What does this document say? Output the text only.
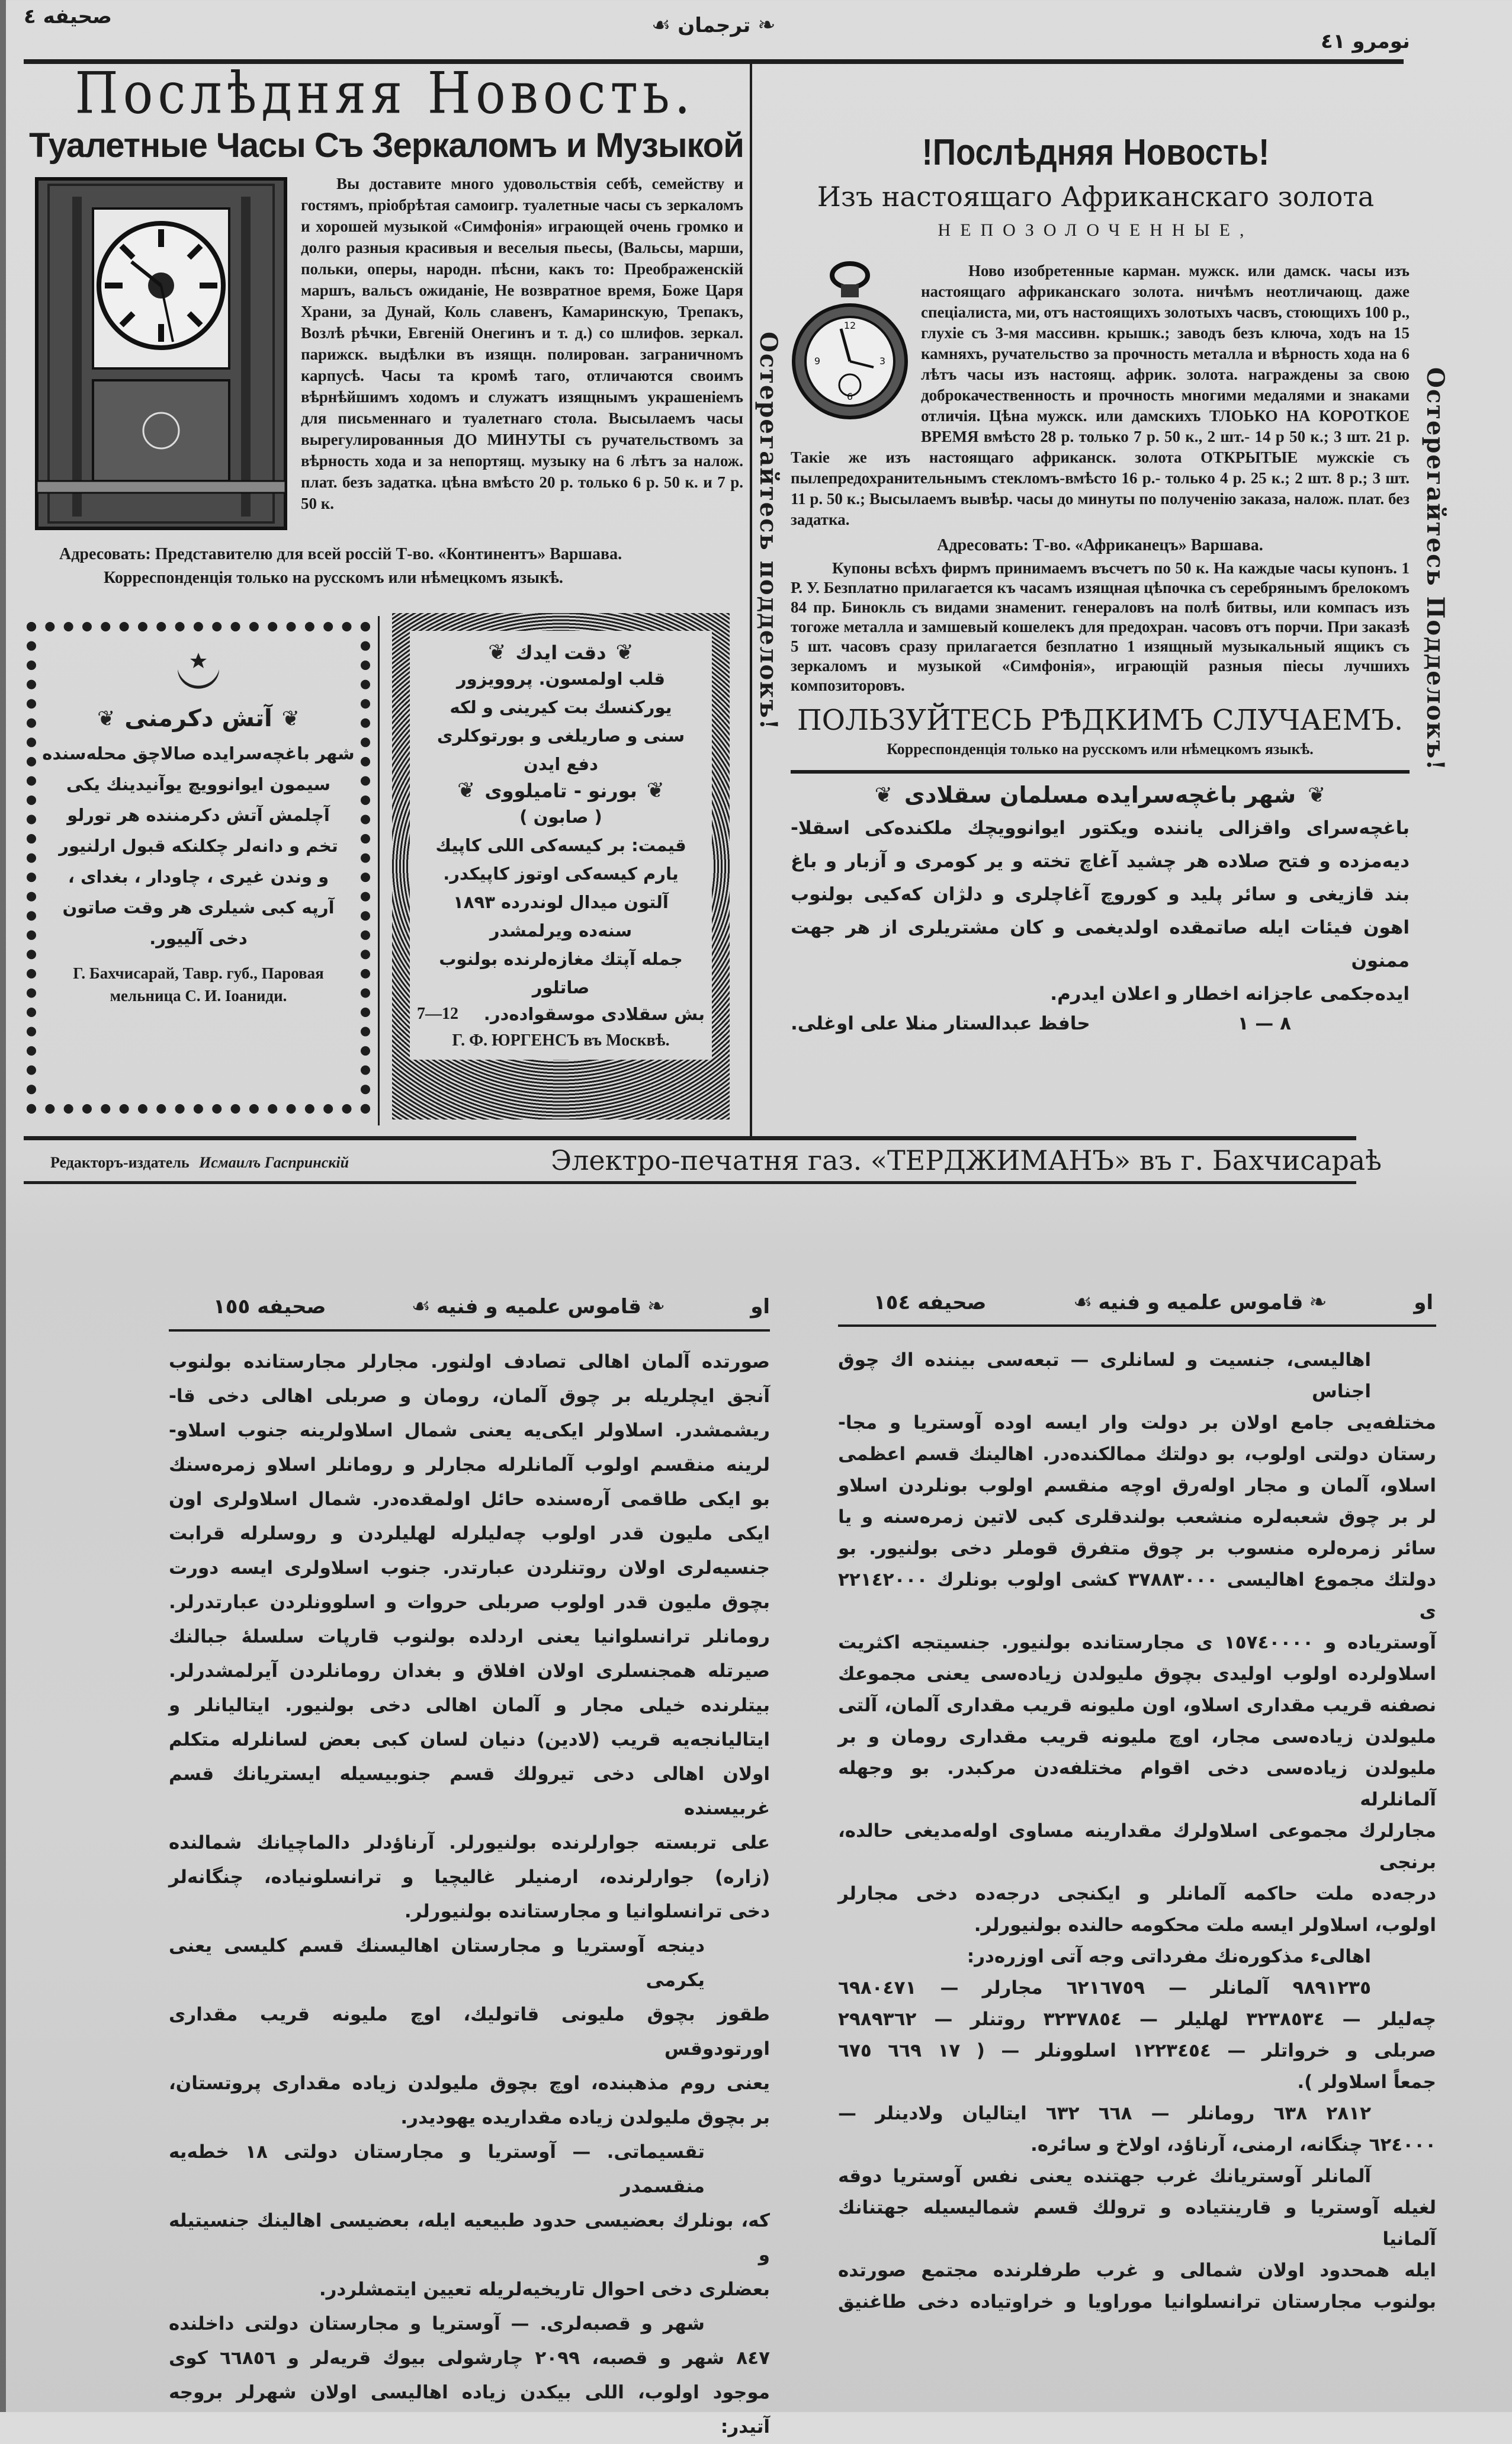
صحیفه ٤	❧
ترجمان
☙
نومرو ٤١
Послѣдняя Новость.
Туалетные Часы Съ Зеркаломъ и Музыкой
Вы доставите много удовольствія себѣ, семейству и гостямъ, пріобрѣтая самоигр. туалетные часы съ зеркаломъ и хорошей музыкой «Симфонія» играющей очень громко и долго разныя красивыя и веселыя пьесы, (Вальсы, марши, польки, оперы, народн. пѣсни, какъ то: Преображенскій маршъ, вальсъ ожиданіе, Не возвратное время, Боже Царя Храни, за Дунай, Коль славенъ, Камаринскую, Трепакъ, Возлѣ рѣчки, Евгеній Онегинъ и т. д.) со шлифов. зеркал. парижск. выдѣлки въ изящн. полирован. заграничномъ карпусѣ. Часы та кромѣ таго, отличаются своимъ вѣрнѣйшимъ ходомъ и служатъ изящнымъ украшеніемъ для письменнаго и туалетнаго стола. Высылаемъ часы вырегулированныя ДО МИНУТЫ съ ручательствомъ за вѣрность хода и за непортящ. музыку на 6 лѣтъ за налож. плат. безъ задатка. цѣна вмѣсто 20 р. только 6 р. 50 к. и 7 р. 50 к.
Адресовать: Представителю для всей россій Т-во. «Континентъ» Варшава.
Корреспонденція только на русскомъ или нѣмецкомъ языкѣ.
!Послѣдняя Новость!
Изъ настоящаго Африканскаго золота
НЕПОЗОЛОЧЕННЫЕ,
Остерегайтесь подделокъ!	Остерегайтесь Подделокъ!
12
3
6
9
Ново изобретенные карман. мужск. или дамск. часы изъ настоящаго африканскаго золота. ничѣмъ неотличающ. даже спеціалиста, ми, отъ настоящихъ золотыхъ часвъ, стоющихъ 100 р., глухіе съ 3-мя массивн. крышк.; заводъ безъ ключа, ходъ на 15 камняхъ, ручательство за прочность металла и вѣрность хода на 6 лѣтъ часы изъ настоящ. африк. золота. награждены за свою доброкачественность и прочность многими медалями и знаками отличія. Цѣна мужск. или дамскихъ ТЛОЬКО НА КОРОТКОЕ ВРЕМЯ вмѣсто 28 р. только 7 р. 50 к., 2 шт.- 14 р 50 к.; 3 шт. 21 р. Такіе же изъ настоящаго африканск. золота ОТКРЫТЫЕ мужскіе съ пылепредохранительнымъ стекломъ-вмѣсто 16 р.- только 4 р. 25 к.; 2 шт. 8 р.; 3 шт. 11 р. 50 к.; Высылаемъ вывѣр. часы до минуты по полученію заказа, налож. плат. без задатка.
Адресовать: Т-во. «Африканецъ» Варшава.
Купоны всѣхъ фирмъ принимаемъ въсчетъ по 50 к. На каждые часы купонъ. 1 Р. У. Безплатно прилагается къ часамъ изящная цѣпочка съ серебрянымъ брелокомъ 84 пр. Бинокль съ видами знаменит. генераловъ на полѣ битвы, или компасъ изъ тогоже металла и замшевый кошелекъ для предохран. часовъ отъ порчи. При заказѣ 5 шт. часовъ сразу прилагается безплатно 1 изящный музыкальный ящикъ съ зеркаломъ и музыкой «Симфонія», играющій разныя піесы лучшихъ композиторовъ.
ПОЛЬЗУЙТЕСЬ РѢДКИМЪ СЛУЧАЕМЪ.
Корреспонденція только на русскомъ или нѣмецкомъ языкѣ.
❦
شهر باغچه‌سرایده مسلمان سقلادی
❦
باغچه‌سرای واقزالی یاننده ویکتور ایوانوویچك ملکنده‌کی اسقلا-
دیه‌مزده و فتح صلاده هر چشید آغاچ تخته و یر کومری و آزبار و باغ
بند قازیغی و سائر پلید و کوروچ آغاچلری و دلژان که‌کیی بولنوب
اهون فیئات ایله صاتمقده اولدیغمی و کان مشتریلری از هر جهت ممنون
ایده‌جکمی عاجزانه اخطار و اعلان ایدرم.
حافظ عبدالستار منلا علی اوغلی.	٨ — ١
❦
آتش دكرمنی
❦
شهر باغچه‌سرایده صالاچق محله‌سنده
سیمون ایوانوویچ یوآنیدینك یکی
آچلمش آتش دكرمننده هر تورلو
تخم و دانه‌لر چكلنكه قبول ارلنیور
و وندن غیری ، چاودار ، بغدای ،
آرپه كبی شیلری هر وقت صاتون
دخی آلییور.
Г. Бахчисарай, Тавр. губ., Паровая мельница С. И. Іоаниди.
❦
دقت ایدك
❦
قلب اولمسون. پروویزور
یورکنسك بت کیرینی و لكه
سنی و صاریلغی و بورتوكلری
دفع ایدن
❦
بورنو - تامیلووی
❦
( صابون )
قیمت: بر کیسه‌کی اللی کاپیك
یارم کیسه‌کی اوتوز کاپیکدر.
آلتون میدال لوندرده ۱۸۹۳
سنه‌ده ویرلمشدر
جمله آپتك مغازه‌لرنده بولنوب
صاتلور
7—12 بش سقلادی موسقواده‌در.
Г. Ф. ЮРГЕНСЪ въ Москвѣ.
Редакторъ-издатель Исмаилъ Гаспринскій	Электро-печатня газ. «ТЕРДЖИМАНЪ» въ г. Бахчисараѣ
او
❧
قاموس علمیه و فنیه
☙
صحیفه ١٥٥
صورتده آلمان اهالی تصادف اولنور. مجارلر مجارستانده بولنوب
آنجق ایچلریله بر چوق آلمان، رومان و صربلی اهالی دخی قا-
ریشمشدر. اسلاولر ایکی‌یه یعنی شمال اسلاولرینه جنوب اسلاو-
لرینه منقسم اولوب آلمانلرله مجارلر و رومانلر اسلاو زمره‌سنك
بو ایکی طاقمی آره‌سنده حائل اولمقده‌در. شمال اسلاولری اون
ایکی ملیون قدر اولوب چه‌لیلرله لهلیلردن و روسلرله قرابت
جنسیه‌لری اولان روتنلردن عبارتدر. جنوب اسلاولری ایسه دورت
بچوق ملیون قدر اولوب صربلی حروات و اسلوونلردن عبارتدرلر.
رومانلر ترانسلوانیا یعنی اردلده بولنوب قارپات سلسلهٔ جبالنك
صیرتله همجنسلری اولان افلاق و بغدان رومانلردن آیرلمشدرلر.
بیتلرنده خیلی مجار و آلمان اهالی دخی بولنیور. ایتالیانلر و
ایتالیانجه‌یه قریب (لادین) دنیان لسان کبی بعض لسانلرله متکلم
اولان اهالی دخی تیرولك قسم جنوبیسیله ایستریانك قسم غربیسنده
علی تربسته جوارلرنده بولنیورلر. آرناؤدلر دالماچیانك شمالنده
(زاره) جوارلرنده، ارمنیلر غالیچیا و ترانسلونیاده، چنگانه‌لر
دخی ترانسلوانیا و مجارستانده بولنیورلر.
دینجه آوستریا و مجارستان اهالیسنك قسم کلیسی یعنی یکرمی
طقوز بچوق ملیونی قاتولیك، اوچ ملیونه قریب مقداری اورتودوقس
یعنی روم مذهبنده، اوچ بچوق ملیولدن زیاده مقداری پروتستان،
بر بچوق ملیولدن زیاده مقداریده یهودیدر.
تقسیماتی. — آوستریا و مجارستان دولتی ١٨ خطه‌یه منقسمدر
که، بونلرك بعضیسی حدود طبیعیه ایله، بعضیسی اهالینك جنسیتیله و
بعضلری دخی احوال تاریخیه‌لریله تعیین ایتمشلردر.
شهر و قصبه‌لری. — آوستریا و مجارستان دولتی داخلنده
٨٤٧ شهر و قصبه، ٢٠٩٩ چارشولی بیوك قریه‌لر و ٦٦٨٥٦ کوی
موجود اولوب، اللی بیکدن زیاده اهالیسی اولان شهرلر بروجه
آتیدر:
او
❧
قاموس علمیه و فنیه
☙
صحیفه ١٥٤
اهالیسی، جنسیت و لسانلری — تبعه‌سی بیننده اك چوق اجناس
مختلفه‌یی جامع اولان بر دولت وار ایسه اوده آوستریا و مجا-
رستان دولتی اولوب، بو دولتك ممالکنده‌در. اهالینك قسم اعظمی
اسلاو، آلمان و مجار اوله‌رق اوچه منقسم اولوب بونلردن اسلاو
لر بر چوق شعبه‌لره منشعب بولندقلری کبی لاتین زمره‌سنه و یا
سائر زمره‌لره منسوب بر چوق متفرق قوملر دخی بولنیور. بو
دولتك مجموع اهالیسی ٣٧٨٨٣٠٠٠ کشی اولوب بونلرك ٢٢١٤٢٠٠٠ ی
آوستریاده و ١٥٧٤٠٠٠٠ ی مجارستانده بولنیور. جنسیتجه اکثریت
اسلاولرده اولوب اولیدی بچوق ملیولدن زیاده‌سی یعنی مجموعك
نصفنه قریب مقداری اسلاو، اون ملیونه قریب مقداری آلمان، آلتی
ملیولدن زیاده‌سی مجار، اوچ ملیونه قریب مقداری رومان و بر
ملیولدن زیاده‌سی دخی اقوام مختلفه‌دن مرکبدر. بو وجهله آلمانلرله
مجارلرك مجموعی اسلاولرك مقدارینه مساوی اوله‌مدیغی حالده، برنجی
درجه‌ده ملت حاکمه آلمانلر و ایکنجی درجه‌ده دخی مجارلر
اولوب، اسلاولر ایسه ملت محکومه حالنده بولنیورلر.
اهالیء مذکوره‌نك مفرداتی وجه آتی اوزره‌در:
٩٨٩١٢٣٥ آلمانلر — ٦٢١٦٧٥٩ مجارلر — ٦٩٨٠٤٧١
چه‌لیلر — ٣٢٣٨٥٣٤ لهلیلر — ٣٢٣٧٨٥٤ روتنلر — ٢٩٨٩٣٦٢
صربلی و خرواتلر — ١٢٢٣٤٥٤ اسلوونلر — ( ١٧ ٦٦٩ ٦٧٥
جمعاً اسلاولر ).
٢٨١٢ ٦٣٨ رومانلر — ٦٦٨ ٦٣٢ ایتالیان ولادینلر —
٦٢٤٠٠٠ چنگانه، ارمنی، آرناؤد، اولاخ و سائره.
آلمانلر آوستریانك غرب جهتنده یعنی نفس آوستریا دوقه
لغیله آوستریا و قارینتیاده و ترولك قسم شمالیسیله جهتنانك آلمانیا
ایله همحدود اولان شمالی و غرب طرفلرنده مجتمع صورتده
بولنوب مجارستان ترانسلوانیا موراویا و خراوتیاده دخی طاغنیق
